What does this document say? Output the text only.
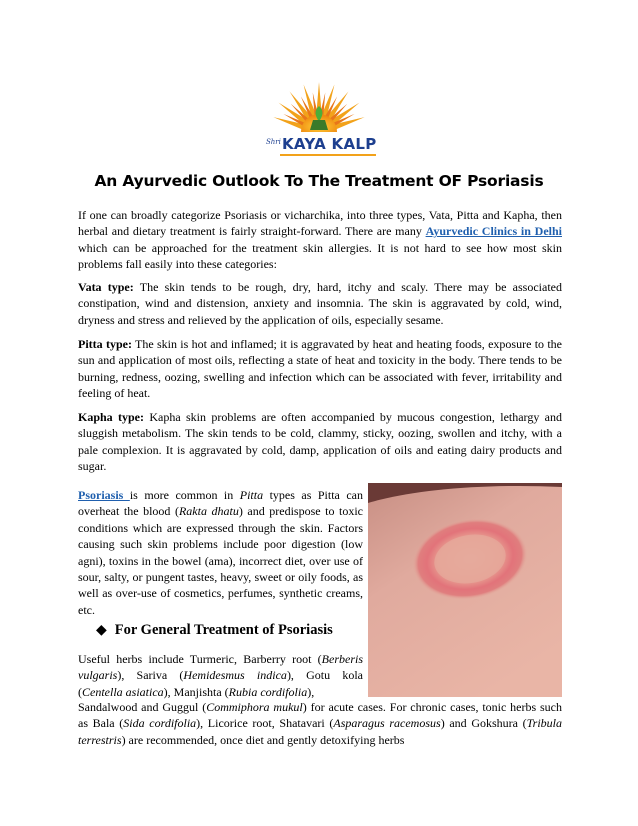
Shri KAYA KALP
An Ayurvedic Outlook To The Treatment OF Psoriasis

If one can broadly categorize Psoriasis or vicharchika, into three types, Vata, Pitta and Kapha, then herbal and dietary treatment is fairly straight-forward. There are many Ayurvedic Clinics in Delhi which can be approached for the treatment skin allergies. It is not hard to see how most skin problems fall easily into these categories:

Vata type: The skin tends to be rough, dry, hard, itchy and scaly. There may be associated constipation, wind and distension, anxiety and insomnia. The skin is aggravated by cold, wind, dryness and stress and relieved by the application of oils, especially sesame.

Pitta type: The skin is hot and inflamed; it is aggravated by heat and heating foods, exposure to the sun and application of most oils, reflecting a state of heat and toxicity in the body. There tends to be burning, redness, oozing, swelling and infection which can be associated with fever, irritability and feeling of heat.

Kapha type: Kapha skin problems are often accompanied by mucous congestion, lethargy and sluggish metabolism. The skin tends to be cold, clammy, sticky, oozing, swollen and itchy, with a pale complexion. It is aggravated by cold, damp, application of oils and eating dairy products and sugar.

Psoriasis is more common in Pitta types as Pitta can overheat the blood (Rakta dhatu) and predispose to toxic conditions which are expressed through the skin. Factors causing such skin problems include poor digestion (low agni), toxins in the bowel (ama), incorrect diet, over use of sour, salty, or pungent tastes, heavy, sweet or oily foods, as well as over-use of cosmetics, perfumes, synthetic creams, etc.

◆ For General Treatment of Psoriasis

Useful herbs include Turmeric, Barberry root (Berberis vulgaris), Sariva (Hemidesmus indica), Gotu kola (Centella asiatica), Manjishta (Rubia cordifolia),

Sandalwood and Guggul (Commiphora mukul) for acute cases. For chronic cases, tonic herbs such as Bala (Sida cordifolia), Licorice root, Shatavari (Asparagus racemosus) and Gokshura (Tribula terrestris) are recommended, once diet and gently detoxifying herbs
